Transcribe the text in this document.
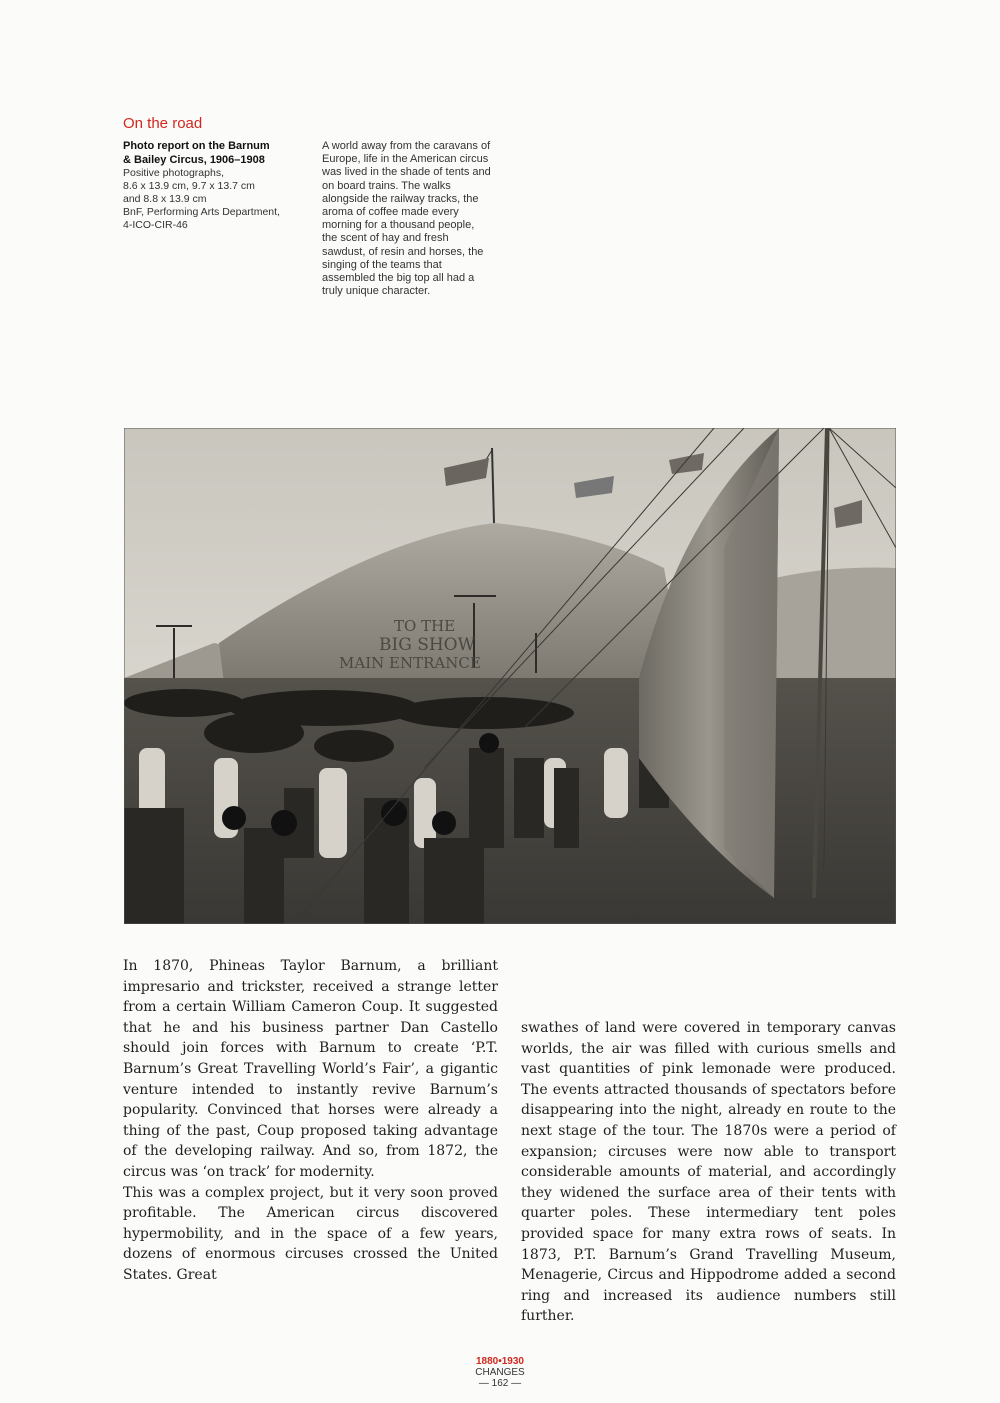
On the road
Photo report on the Barnum
& Bailey Circus, 1906–1908
Positive photographs,
8.6 x 13.9 cm, 9.7 x 13.7 cm
and 8.8 x 13.9 cm
BnF, Performing Arts Department,
4-ICO-CIR-46
A world away from the caravans of Europe, life in the American circus was lived in the shade of tents and on board trains. The walks alongside the railway tracks, the aroma of coffee made every morning for a thousand people, the scent of hay and fresh sawdust, of resin and horses, the singing of the teams that assembled the big top all had a truly unique character.
TO THE
BIG SHOW
MAIN ENTRANCE

In 1870, Phineas Taylor Barnum, a brilliant impresario and trickster, received a strange letter from a certain William Cameron Coup. It suggested that he and his business partner Dan Castello should join forces with Barnum to create ‘P.T. Barnum’s Great Travelling World’s Fair’, a gigantic venture intended to instantly revive Barnum’s popularity. Convinced that horses were already a thing of the past, Coup proposed taking advantage of the developing railway. And so, from 1872, the circus was ‘on track’ for modernity.

This was a complex project, but it very soon proved profitable. The American circus discovered hypermobility, and in the space of a few years, dozens of enormous circuses crossed the United States. Great

swathes of land were covered in temporary canvas worlds, the air was filled with curious smells and vast quantities of pink lemonade were produced. The events attracted thousands of spectators before disappearing into the night, already en route to the next stage of the tour. The 1870s were a period of expansion; circuses were now able to transport considerable amounts of material, and accordingly they widened the surface area of their tents with quarter poles. These intermediary tent poles provided space for many extra rows of seats. In 1873, P.T. Barnum’s Grand Travelling Museum, Menagerie, Circus and Hippodrome added a second ring and increased its audience numbers still further.

1880•1930
CHANGES
— 162 —
